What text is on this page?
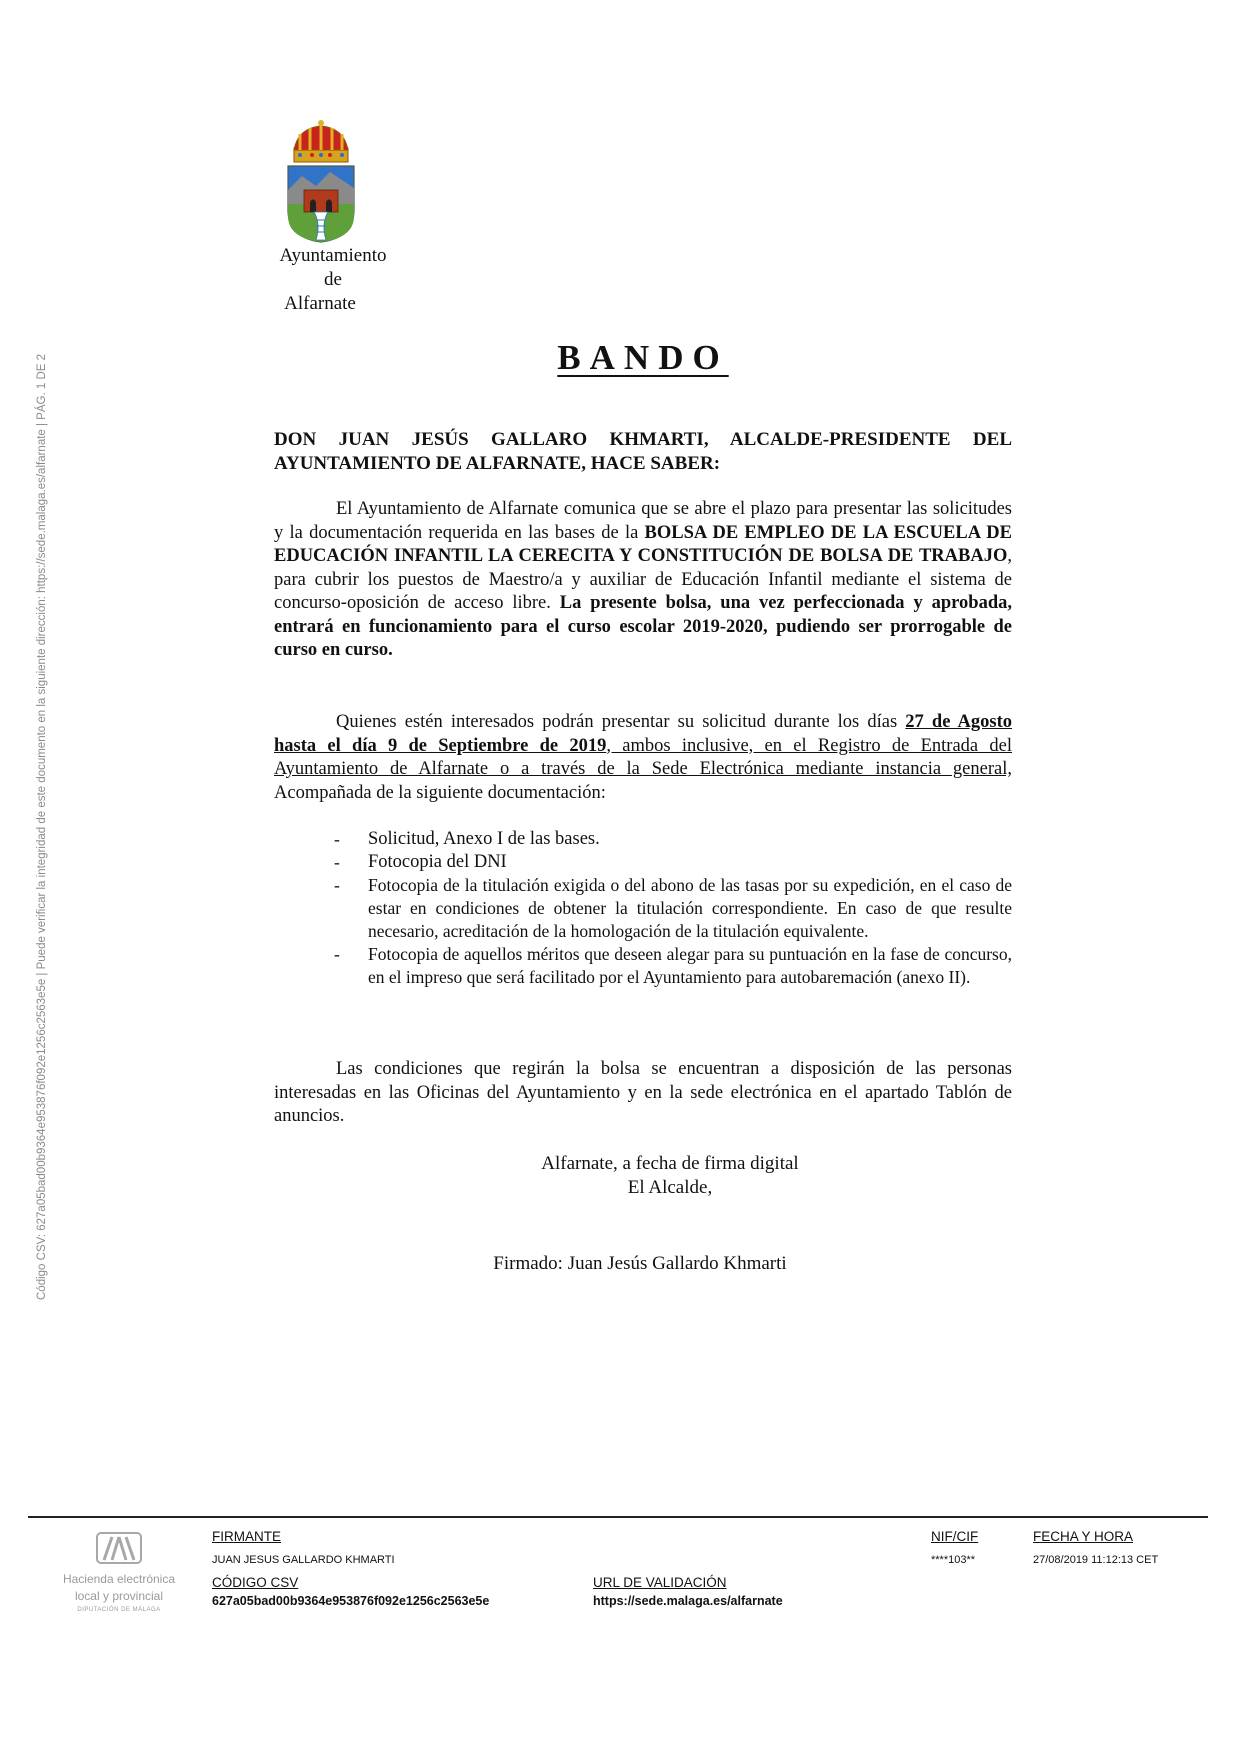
Código CSV: 627a05bad00b9364e953876f092e1256c2563e5e | Puede verificar la integridad de este documento en la siguiente dirección: https://sede.malaga.es/alfarnate | PÁG. 1 DE 2
Ayuntamiento
de
Alfarnate
BANDO
DON JUAN JESÚS GALLARO KHMARTI, ALCALDE-PRESIDENTE DEL AYUNTAMIENTO DE ALFARNATE, HACE SABER:
El Ayuntamiento de Alfarnate comunica que se abre el plazo para presentar las solicitudes y la documentación requerida en las bases de la BOLSA DE EMPLEO DE LA ESCUELA DE EDUCACIÓN INFANTIL LA CERECITA Y CONSTITUCIÓN DE BOLSA DE TRABAJO, para cubrir los puestos de Maestro/a y auxiliar de Educación Infantil mediante el sistema de concurso-oposición de acceso libre. La presente bolsa, una vez perfeccionada y aprobada, entrará en funcionamiento para el curso escolar 2019-2020, pudiendo ser prorrogable de curso en curso.
Quienes estén interesados podrán presentar su solicitud durante los días 27 de Agosto hasta el día 9 de Septiembre de 2019, ambos inclusive, en el Registro de Entrada del Ayuntamiento de Alfarnate o a través de la Sede Electrónica mediante instancia general, Acompañada de la siguiente documentación:
-	Solicitud, Anexo I de las bases.
-	Fotocopia del DNI
-	Fotocopia de la titulación exigida o del abono de las tasas por su expedición, en el caso de estar en condiciones de obtener la titulación correspondiente. En caso de que resulte necesario, acreditación de la homologación de la titulación equivalente.
-	Fotocopia de aquellos méritos que deseen alegar para su puntuación en la fase de concurso, en el impreso que será facilitado por el Ayuntamiento para autobaremación (anexo II).
Las condiciones que regirán la bolsa se encuentran a disposición de las personas interesadas en las Oficinas del Ayuntamiento y en la sede electrónica en el apartado Tablón de anuncios.
Alfarnate, a fecha de firma digital
El Alcalde,
Firmado: Juan Jesús Gallardo Khmarti
Hacienda electrónica
local y provincial
DIPUTACIÓN DE MÁLAGA
FIRMANTE
JUAN JESUS GALLARDO KHMARTI
NIF/CIF
****103**
FECHA Y HORA
27/08/2019 11:12:13 CET
CÓDIGO CSV
627a05bad00b9364e953876f092e1256c2563e5e
URL DE VALIDACIÓN
https://sede.malaga.es/alfarnate
